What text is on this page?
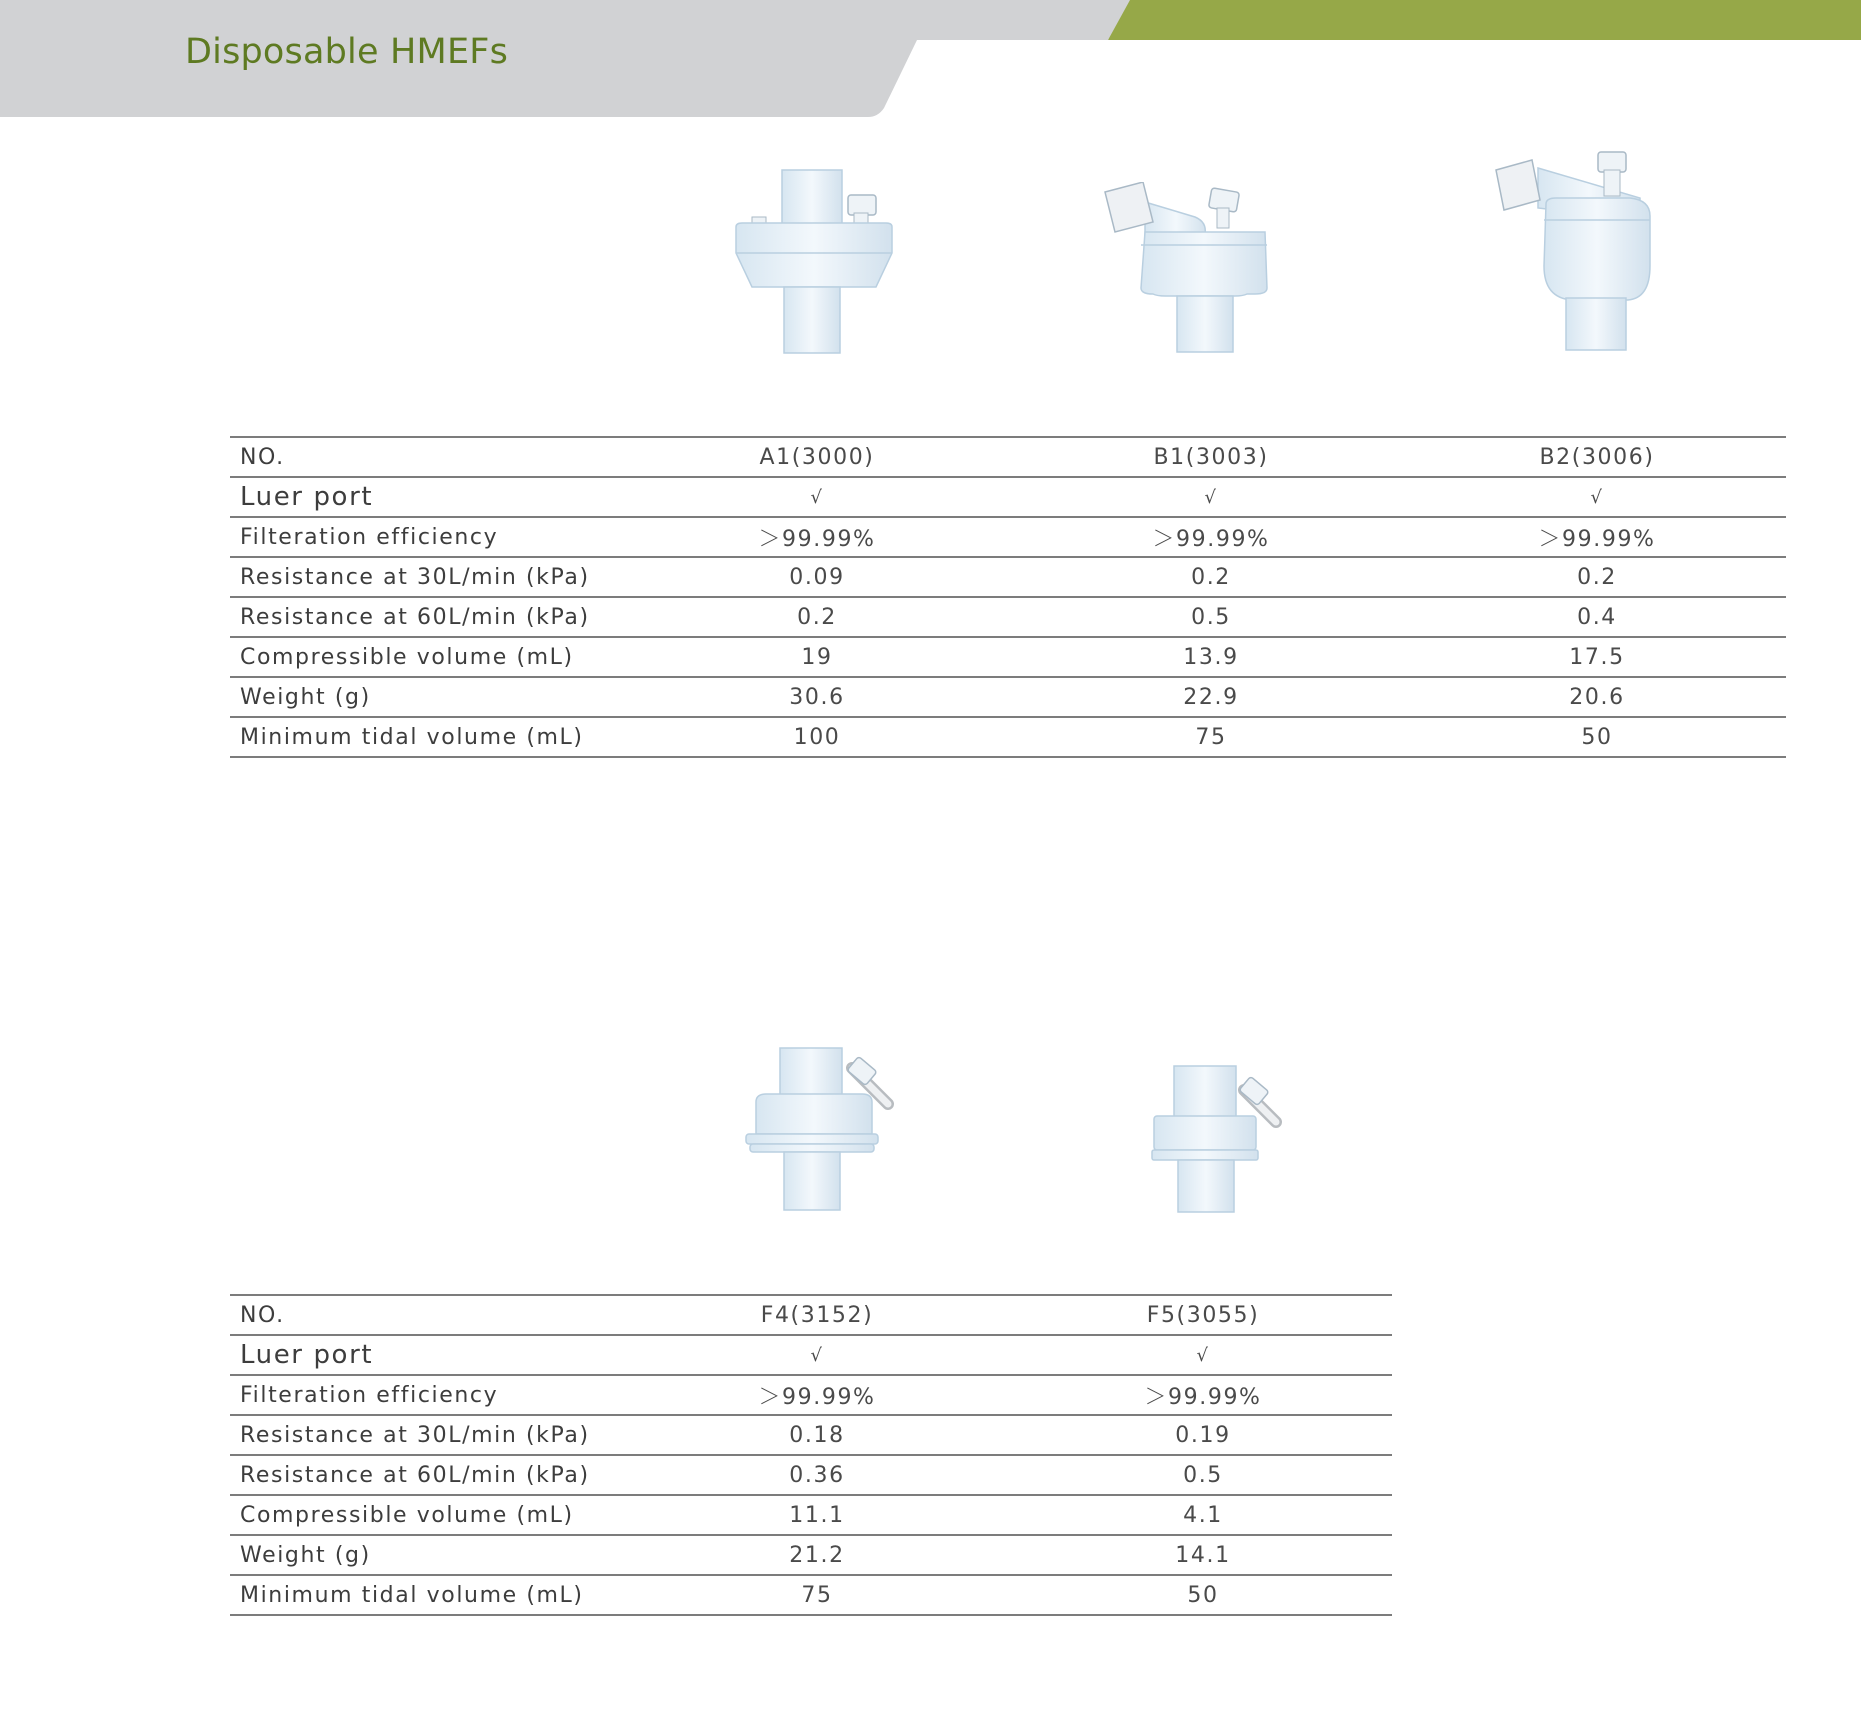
Disposable HMEFs
NO.	A1(3000)	B1(3003)	B2(3006)
Luer port	√	√	√
Filteration efficiency	＞99.99%	＞99.99%	＞99.99%
Resistance at 30L/min (kPa)	0.09	0.2	0.2
Resistance at 60L/min (kPa)	0.2	0.5	0.4
Compressible volume (mL)	19	13.9	17.5
Weight (g)	30.6	22.9	20.6
Minimum tidal volume (mL)	100	75	50
NO.	F4(3152)	F5(3055)
Luer port	√	√
Filteration efficiency	＞99.99%	＞99.99%
Resistance at 30L/min (kPa)	0.18	0.19
Resistance at 60L/min (kPa)	0.36	0.5
Compressible volume (mL)	11.1	4.1
Weight (g)	21.2	14.1
Minimum tidal volume (mL)	75	50
